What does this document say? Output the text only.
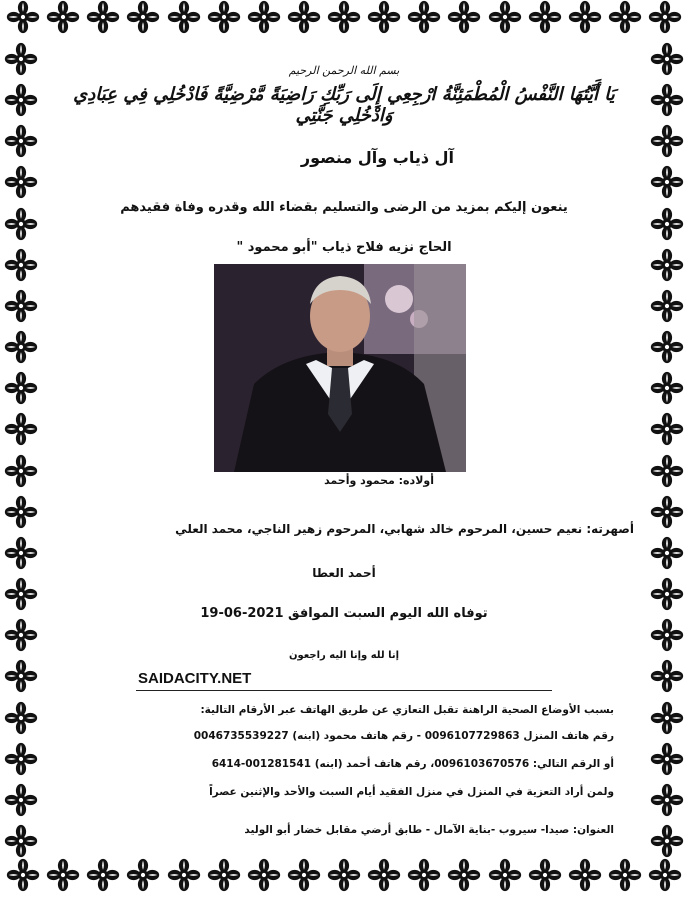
بسم الله الرحمن الرحيم
يَا أَيَّتُهَا النَّفْسُ الْمُطْمَئِنَّةُ ارْجِعِي إِلَى رَبِّكِ رَاضِيَةً مَّرْضِيَّةً فَادْخُلِي فِي عِبَادِي وَادْخُلِي جَنَّتِي
آل ذياب وآل منصور
ينعون إليكم بمزيد من الرضى والتسليم بقضاء الله وقدره وفاة فقيدهم
الحاج نزيه فلاح ذياب "أبو محمود "
أولاده: محمود وأحمد
أصهرته: نعيم حسين، المرحوم خالد شهابي، المرحوم زهير الناجي، محمد العلي
أحمد العطا
توفاه الله اليوم السبت الموافق 2021-06-19
إنا لله وإنا اليه راجعون
SAIDACITY.NET
بسبب الأوضاع الصحية الراهنة تقبل التعازي عن طريق الهاتف عبر الأرقام التالية:
رقم هاتف المنزل 0096107729863 - رقم هاتف محمود (ابنه) 0046735539227
أو الرقم التالي: 0096103670576، رقم هاتف أحمد (ابنه) 001281541-6414
ولمن أراد التعزية في المنزل في منزل الفقيد أيام السبت والأحد والإثنين عصراً
العنوان: صيدا- سيروب -بناية الآمال - طابق أرضي مقابل خضار أبو الوليد
